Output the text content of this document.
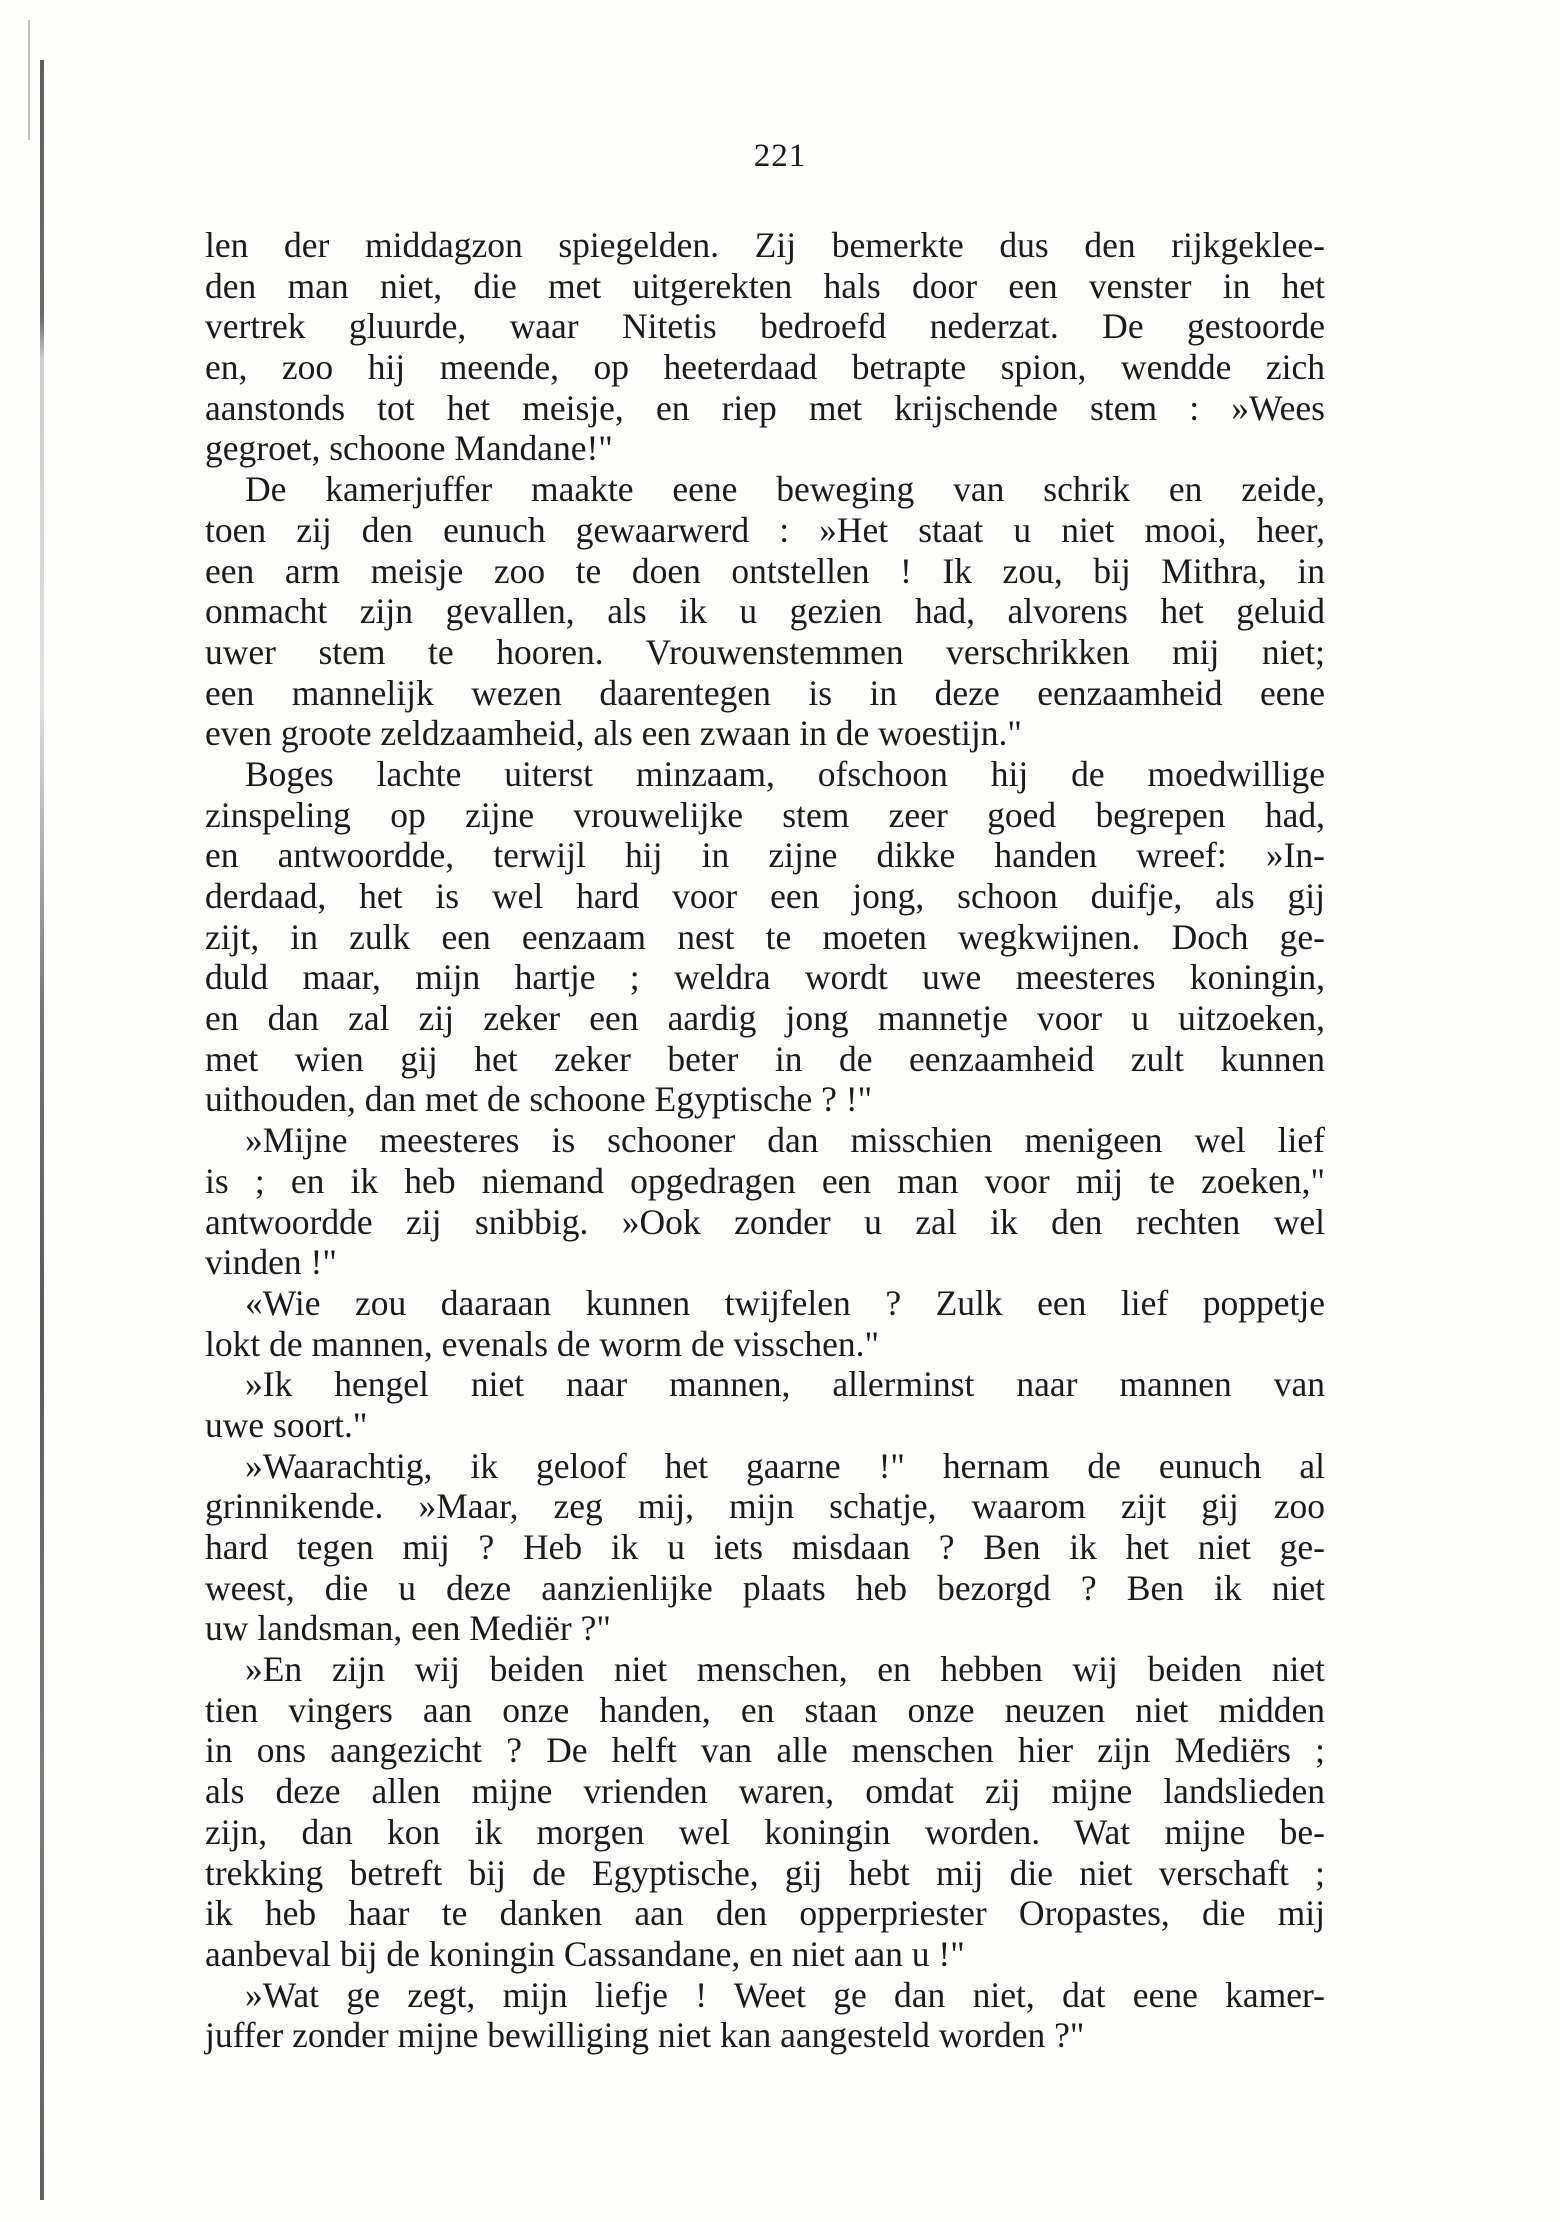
221
len der middagzon spiegelden. Zij bemerkte dus den rijkgeklee-
den man niet, die met uitgerekten hals door een venster in het
vertrek gluurde, waar Nitetis bedroefd nederzat. De gestoorde
en, zoo hij meende, op heeterdaad betrapte spion, wendde zich
aanstonds tot het meisje, en riep met krijschende stem : »Wees
gegroet, schoone Mandane!"
De kamerjuffer maakte eene beweging van schrik en zeide,
toen zij den eunuch gewaarwerd : »Het staat u niet mooi, heer,
een arm meisje zoo te doen ontstellen ! Ik zou, bij Mithra, in
onmacht zijn gevallen, als ik u gezien had, alvorens het geluid
uwer stem te hooren. Vrouwenstemmen verschrikken mij niet;
een mannelijk wezen daarentegen is in deze eenzaamheid eene
even groote zeldzaamheid, als een zwaan in de woestijn."
Boges lachte uiterst minzaam, ofschoon hij de moedwillige
zinspeling op zijne vrouwelijke stem zeer goed begrepen had,
en antwoordde, terwijl hij in zijne dikke handen wreef: »In-
derdaad, het is wel hard voor een jong, schoon duifje, als gij
zijt, in zulk een eenzaam nest te moeten wegkwijnen. Doch ge-
duld maar, mijn hartje ; weldra wordt uwe meesteres koningin,
en dan zal zij zeker een aardig jong mannetje voor u uitzoeken,
met wien gij het zeker beter in de eenzaamheid zult kunnen
uithouden, dan met de schoone Egyptische ? !"
»Mijne meesteres is schooner dan misschien menigeen wel lief
is ; en ik heb niemand opgedragen een man voor mij te zoeken,"
antwoordde zij snibbig. »Ook zonder u zal ik den rechten wel
vinden !"
«Wie zou daaraan kunnen twijfelen ? Zulk een lief poppetje
lokt de mannen, evenals de worm de visschen."
»Ik hengel niet naar mannen, allerminst naar mannen van
uwe soort."
»Waarachtig, ik geloof het gaarne !" hernam de eunuch al
grinnikende. »Maar, zeg mij, mijn schatje, waarom zijt gij zoo
hard tegen mij ? Heb ik u iets misdaan ? Ben ik het niet ge-
weest, die u deze aanzienlijke plaats heb bezorgd ? Ben ik niet
uw landsman, een Mediër ?"
»En zijn wij beiden niet menschen, en hebben wij beiden niet
tien vingers aan onze handen, en staan onze neuzen niet midden
in ons aangezicht ? De helft van alle menschen hier zijn Mediërs ;
als deze allen mijne vrienden waren, omdat zij mijne landslieden
zijn, dan kon ik morgen wel koningin worden. Wat mijne be-
trekking betreft bij de Egyptische, gij hebt mij die niet verschaft ;
ik heb haar te danken aan den opperpriester Oropastes, die mij
aanbeval bij de koningin Cassandane, en niet aan u !"
»Wat ge zegt, mijn liefje ! Weet ge dan niet, dat eene kamer-
juffer zonder mijne bewilliging niet kan aangesteld worden ?"
